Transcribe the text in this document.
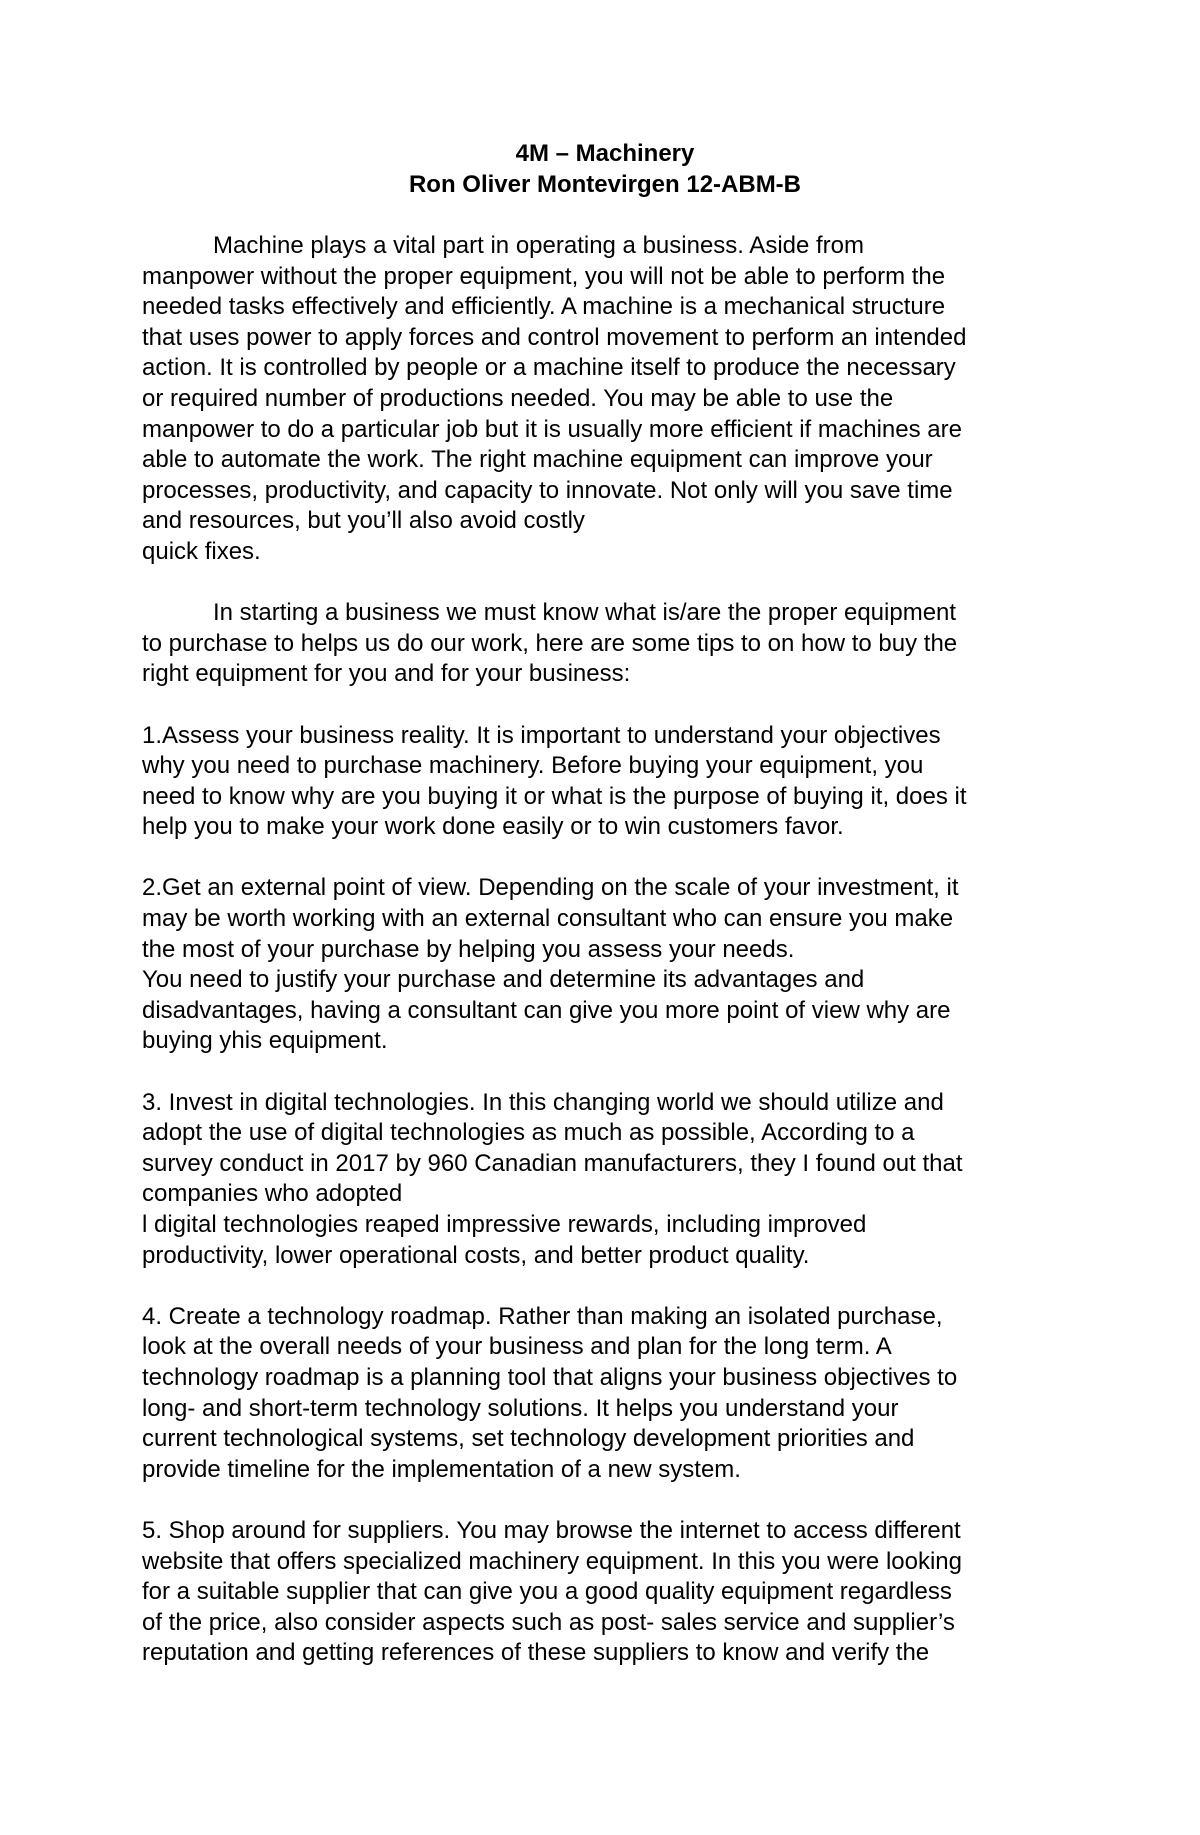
4M – Machinery

Ron Oliver Montevirgen 12-ABM-B

Machine plays a vital part in operating a business. Aside from
manpower without the proper equipment, you will not be able to perform the
needed tasks effectively and efficiently. A machine is a mechanical structure
that uses power to apply forces and control movement to perform an intended
action. It is controlled by people or a machine itself to produce the necessary
or required number of productions needed. You may be able to use the
manpower to do a particular job but it is usually more efficient if machines are
able to automate the work. The right machine equipment can improve your
processes, productivity, and capacity to innovate. Not only will you save time
and resources, but you’ll also avoid costly
quick fixes.

In starting a business we must know what is/are the proper equipment
to purchase to helps us do our work, here are some tips to on how to buy the
right equipment for you and for your business:

1.Assess your business reality. It is important to understand your objectives
why you need to purchase machinery. Before buying your equipment, you
need to know why are you buying it or what is the purpose of buying it, does it
help you to make your work done easily or to win customers favor.

2.Get an external point of view. Depending on the scale of your investment, it
may be worth working with an external consultant who can ensure you make
the most of your purchase by helping you assess your needs.
You need to justify your purchase and determine its advantages and
disadvantages, having a consultant can give you more point of view why are
buying yhis equipment.

3. Invest in digital technologies. In this changing world we should utilize and
adopt the use of digital technologies as much as possible, According to a
survey conduct in 2017 by 960 Canadian manufacturers, they I found out that
companies who adopted
l digital technologies reaped impressive rewards, including improved
productivity, lower operational costs, and better product quality.

4. Create a technology roadmap. Rather than making an isolated purchase,
look at the overall needs of your business and plan for the long term. A
technology roadmap is a planning tool that aligns your business objectives to
long- and short-term technology solutions. It helps you understand your
current technological systems, set technology development priorities and
provide timeline for the implementation of a new system.

5. Shop around for suppliers. You may browse the internet to access different
website that offers specialized machinery equipment. In this you were looking
for a suitable supplier that can give you a good quality equipment regardless
of the price, also consider aspects such as post- sales service and supplier’s
reputation and getting references of these suppliers to know and verify the
